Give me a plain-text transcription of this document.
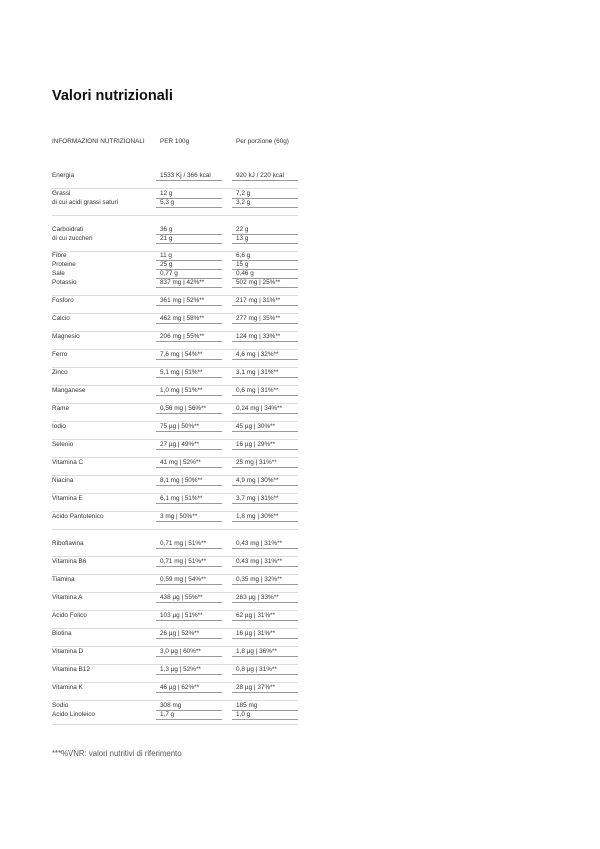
Valori nutrizionali
INFORMAZIONI NUTRIZIONALI PER 100g	Per porzione (60g)
Energia	1533 Kj / 366 kcal	920 kJ / 220 kcal
Grassi	12 g	7,2 g
di cui acidi grassi saturi	5,3 g	3,2 g
Carboidrati	36 g	22 g
di cui zuccheri	21 g	13 g
Fibre	11 g	6,6 g
Proteine	25 g	15 g
Sale	0,77 g	0,46 g
Potassio	837 mg | 42%**	502 mg | 25%**
Fosforo	361 mg | 52%**	217 mg | 31%**
Calcio	462 mg | 58%**	277 mg | 35%**
Magnesio	206 mg | 55%**	124 mg | 33%**
Ferro	7,6 mg | 54%**	4,6 mg | 32%**
Zinco	5,1 mg | 51%**	3,1 mg | 31%**
Manganese	1,0 mg | 51%**	0,6 mg | 31%**
Rame	0,56 mg | 56%**	0,24 mg | 34%**
Iodio	75 µg | 50%**	45 µg | 30%**
Selenio	27 µg | 49%**	16 µg | 29%**
Vitamina C	41 mg | 52%**	25 mg | 31%**
Niacina	8,1 mg | 50%**	4,9 mg | 30%**
Vitamina E	6,1 mg | 51%**	3,7 mg | 31%**
Acido Pantotenico	3 mg | 50%**	1,8 mg | 30%**
Riboflavina	0,71 mg | 51%**	0,43 mg | 31%**
Vitamina B6	0,71 mg | 51%**	0,43 mg | 31%**
Tiamina	0,59 mg | 54%**	0,35 mg | 32%**
Vitamina A	438 µg | 55%**	263 µg | 33%**
Acido Folico	103 µg | 51%**	62 µg | 31%**
Biotina	26 µg | 52%**	16 µg | 31%**
Vitamina D	3,0 µg | 60%**	1,8 µg | 36%**
Vitamina B12	1,3 µg | 52%**	0,8 µg | 31%**
Vitamina K	46 µg | 62%**	28 µg | 37%**
Sodio	308 mg	185 mg
Acido Linoleico	1,7 g	1,0 g
***%VNR: valori nutritivi di riferimento
